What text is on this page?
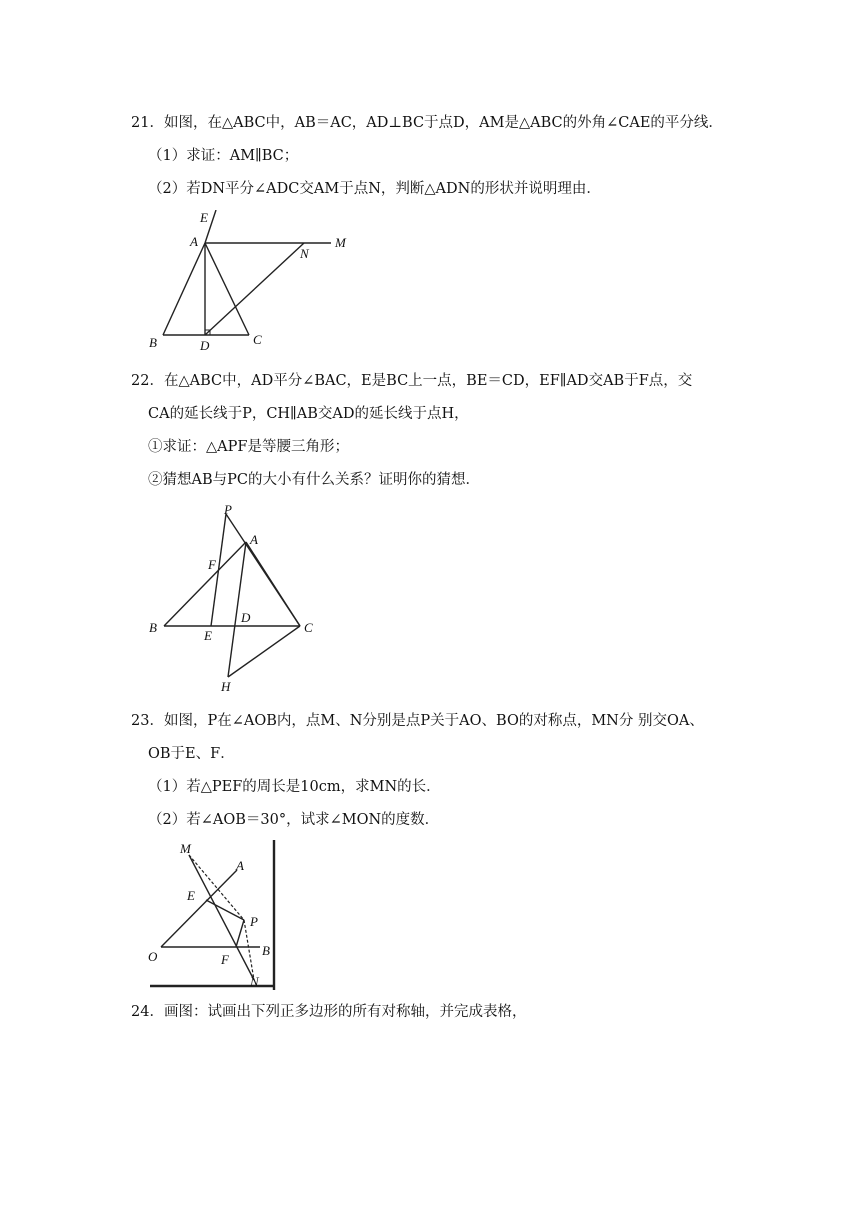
21．如图，在△ABC中，AB＝AC，AD⊥BC于点D，AM是△ABC的外角∠CAE的平分线．
（1）求证：AM∥BC；
（2）若DN平分∠ADC交AM于点N，判断△ADN的形状并说明理由．
E
A	M
N
B	D	C
22．在△ABC中，AD平分∠BAC，E是BC上一点，BE＝CD，EF∥AD交AB于F点，交
CA的延长线于P，CH∥AB交AD的延长线于点H，
①求证：△APF是等腰三角形；
②猜想AB与PC的大小有什么关系？证明你的猜想．
P
A
F
B
E
D
C
H
23．如图，P在∠AOB内，点M、N分别是点P关于AO、BO的对称点，MN分 别交OA、
OB于E、F．
（1）若△PEF的周长是10cm，求MN的长．
（2）若∠AOB＝30°，试求∠MON的度数．
M
A
E
P
O	B
F
N
24．画图：试画出下列正多边形的所有对称轴，并完成表格，
